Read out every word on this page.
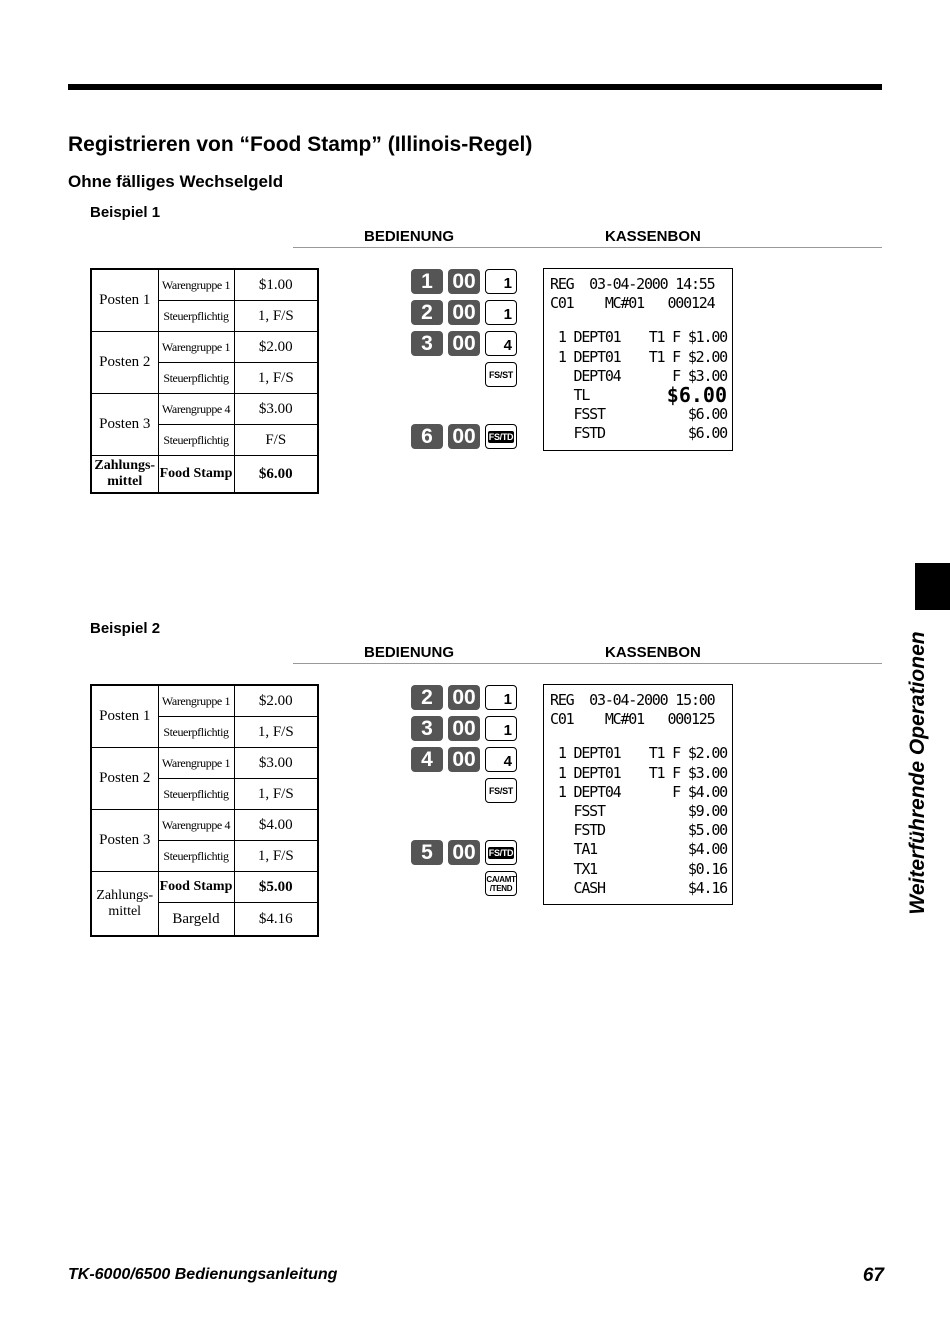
Registrieren von “Food Stamp” (Illinois-Regel)
Ohne fälliges Wechselgeld
Beispiel 1
BEDIENUNG	KASSENBON
Posten 1	Warengruppe 1	$1.00
	Steuerpflichtig	1, F/S
Posten 2	Warengruppe 1	$2.00
	Steuerpflichtig	1, F/S
Posten 3	Warengruppe 4	$3.00
	Steuerpflichtig	F/S
Zahlungs-
mittel	Food Stamp	$6.00
1 00	1
2 00	1
3 00	4
FS/ST
6 00	FS/TD
REG  03-04-2000 14:55
C01    MC#01   000124
1 DEPT01 T1 F $1.00
1 DEPT01 T1 F $2.00
DEPT04	F $3.00
TL	$6.00
FSST	$6.00
FSTD	$6.00
Beispiel 2
BEDIENUNG	KASSENBON
Posten 1	Warengruppe 1	$2.00
	Steuerpflichtig	1, F/S
Posten 2	Warengruppe 1	$3.00
	Steuerpflichtig	1, F/S
Posten 3	Warengruppe 4	$4.00
	Steuerpflichtig	1, F/S
Zahlungs-
mittel	Food Stamp	$5.00
	Bargeld	$4.16
2 00	1
3 00	1
4 00	4
FS/ST
5 00	FS/TD
CA/AMT
/TEND
REG  03-04-2000 15:00
C01    MC#01   000125
1 DEPT01 T1 F $2.00
1 DEPT01 T1 F $3.00
1 DEPT04	F $4.00
FSST	$9.00
FSTD	$5.00
TA1	$4.00
TX1	$0.16
CASH	$4.16	Weiterführende Operationen
TK-6000/6500 Bedienungsanleitung	67
